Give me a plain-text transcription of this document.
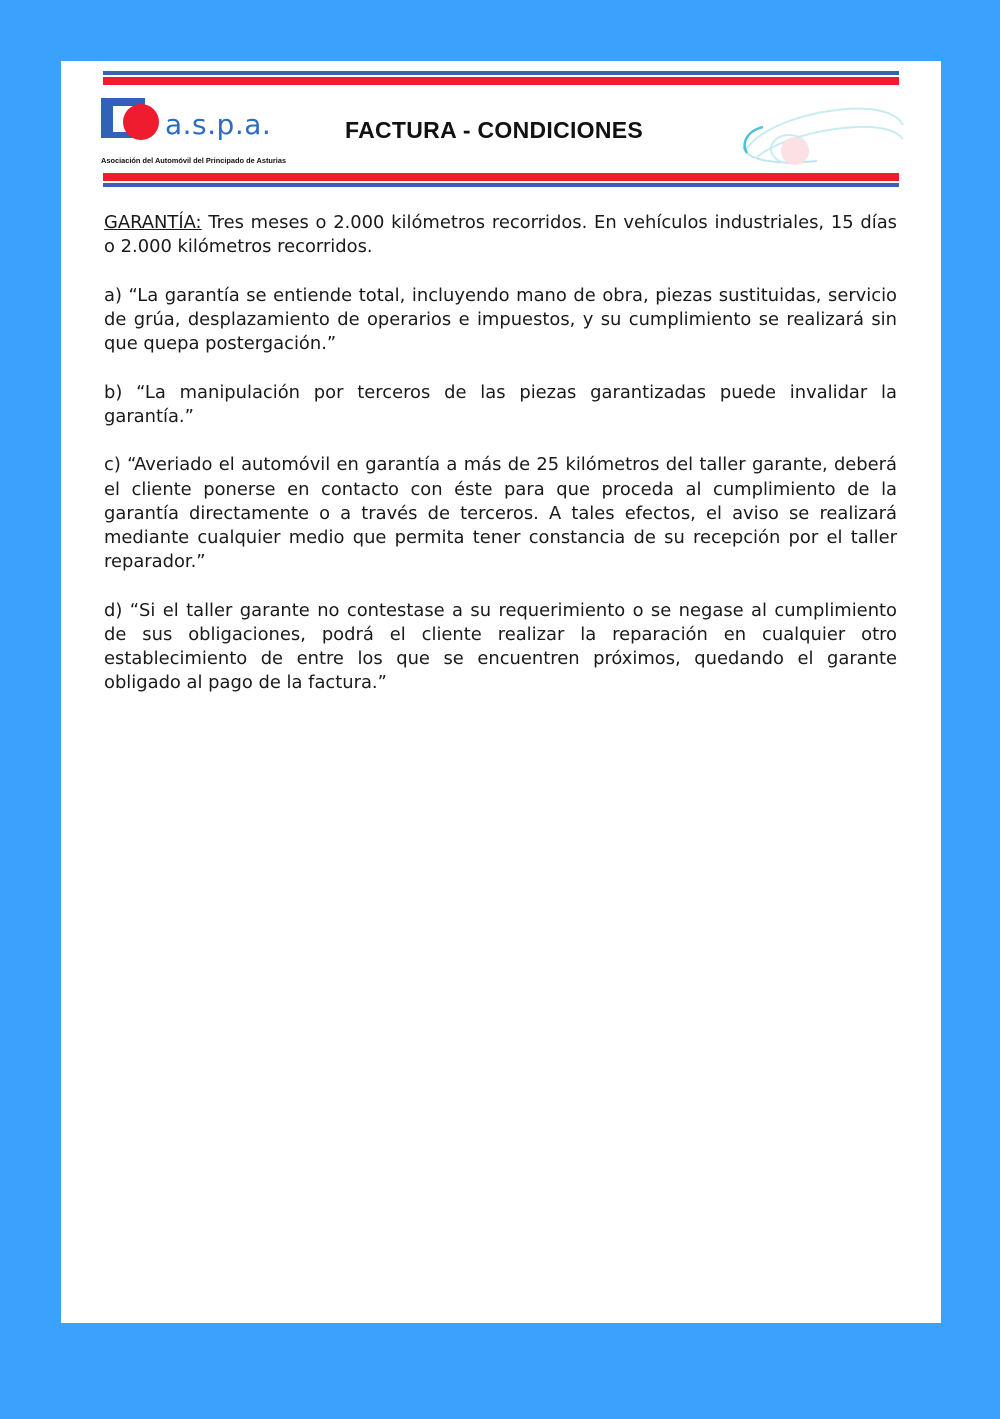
a.s.p.a.
Asociación del Automóvil del Principado de Asturias
FACTURA - CONDICIONES

GARANTÍA: Tres meses o 2.000 kilómetros recorridos. En vehículos industriales, 15 días o 2.000 kilómetros recorridos.

a) “La garantía se entiende total, incluyendo mano de obra, piezas sustituidas, servicio de grúa, desplazamiento de operarios e impuestos, y su cumplimiento se realizará sin que quepa postergación.”

b) “La manipulación por terceros de las piezas garantizadas puede invalidar la garantía.”

c) “Averiado el automóvil en garantía a más de 25 kilómetros del taller garante, deberá el cliente ponerse en contacto con éste para que proceda al cumplimiento de la garantía directamente o a través de terceros. A tales efectos, el aviso se realizará mediante cualquier medio que permita tener constancia de su recepción por el taller reparador.”

d) “Si el taller garante no contestase a su requerimiento o se negase al cumplimiento de sus obligaciones, podrá el cliente realizar la reparación en cualquier otro establecimiento de entre los que se encuentren próximos, quedando el garante obligado al pago de la factura.”
